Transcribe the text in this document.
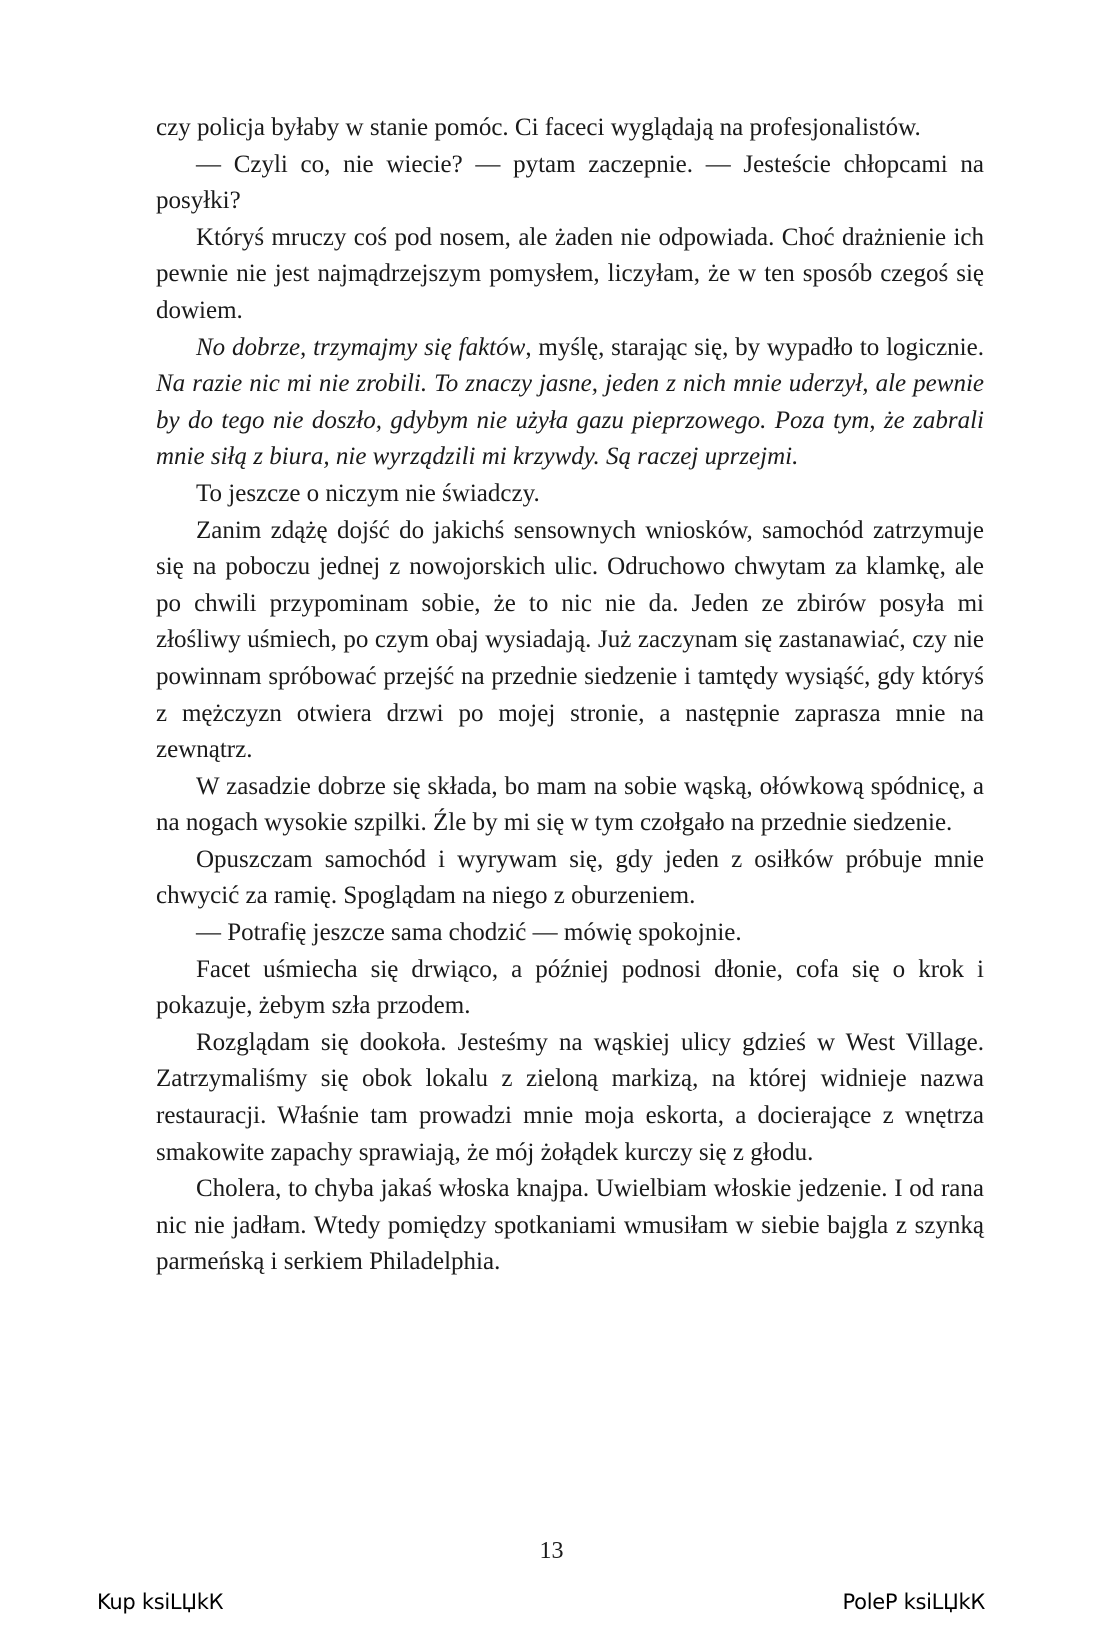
czy policja byłaby w stanie pomóc. Ci faceci wyglądają na profesjonalistów.

— Czyli co, nie wiecie? — pytam zaczepnie. — Jesteście chłopcami na posyłki?

Któryś mruczy coś pod nosem, ale żaden nie odpowiada. Choć drażnienie ich pewnie nie jest najmądrzejszym pomysłem, liczyłam, że w ten sposób czegoś się dowiem.

No dobrze, trzymajmy się faktów, myślę, starając się, by wypadło to logicznie. Na razie nic mi nie zrobili. To znaczy jasne, jeden z nich mnie uderzył, ale pewnie by do tego nie doszło, gdybym nie użyła gazu pieprzowego. Poza tym, że zabrali mnie siłą z biura, nie wyrządzili mi krzywdy. Są raczej uprzejmi.

To jeszcze o niczym nie świadczy.

Zanim zdążę dojść do jakichś sensownych wniosków, samochód zatrzymuje się na poboczu jednej z nowojorskich ulic. Odruchowo chwytam za klamkę, ale po chwili przypominam sobie, że to nic nie da. Jeden ze zbirów posyła mi złośliwy uśmiech, po czym obaj wysiadają. Już zaczynam się zastanawiać, czy nie powinnam spróbować przejść na przednie siedzenie i tamtędy wysiąść, gdy któryś z mężczyzn otwiera drzwi po mojej stronie, a następnie zaprasza mnie na zewnątrz.

W zasadzie dobrze się składa, bo mam na sobie wąską, ołówkową spódnicę, a na nogach wysokie szpilki. Źle by mi się w tym czołgało na przednie siedzenie.

Opuszczam samochód i wyrywam się, gdy jeden z osiłków próbuje mnie chwycić za ramię. Spoglądam na niego z oburzeniem.

— Potrafię jeszcze sama chodzić — mówię spokojnie.

Facet uśmiecha się drwiąco, a później podnosi dłonie, cofa się o krok i pokazuje, żebym szła przodem.

Rozglądam się dookoła. Jesteśmy na wąskiej ulicy gdzieś w West Village. Zatrzymaliśmy się obok lokalu z zieloną markizą, na której widnieje nazwa restauracji. Właśnie tam prowadzi mnie moja eskorta, a docierające z wnętrza smakowite zapachy sprawiają, że mój żołądek kurczy się z głodu.

Cholera, to chyba jakaś włoska knajpa. Uwielbiam włoskie jedzenie. I od rana nic nie jadłam. Wtedy pomiędzy spotkaniami wmusiłam w siebie bajgla z szynką parmeńską i serkiem Philadelphia.

13
Kup ksiLЏkК	PoleР ksiLЏkК
